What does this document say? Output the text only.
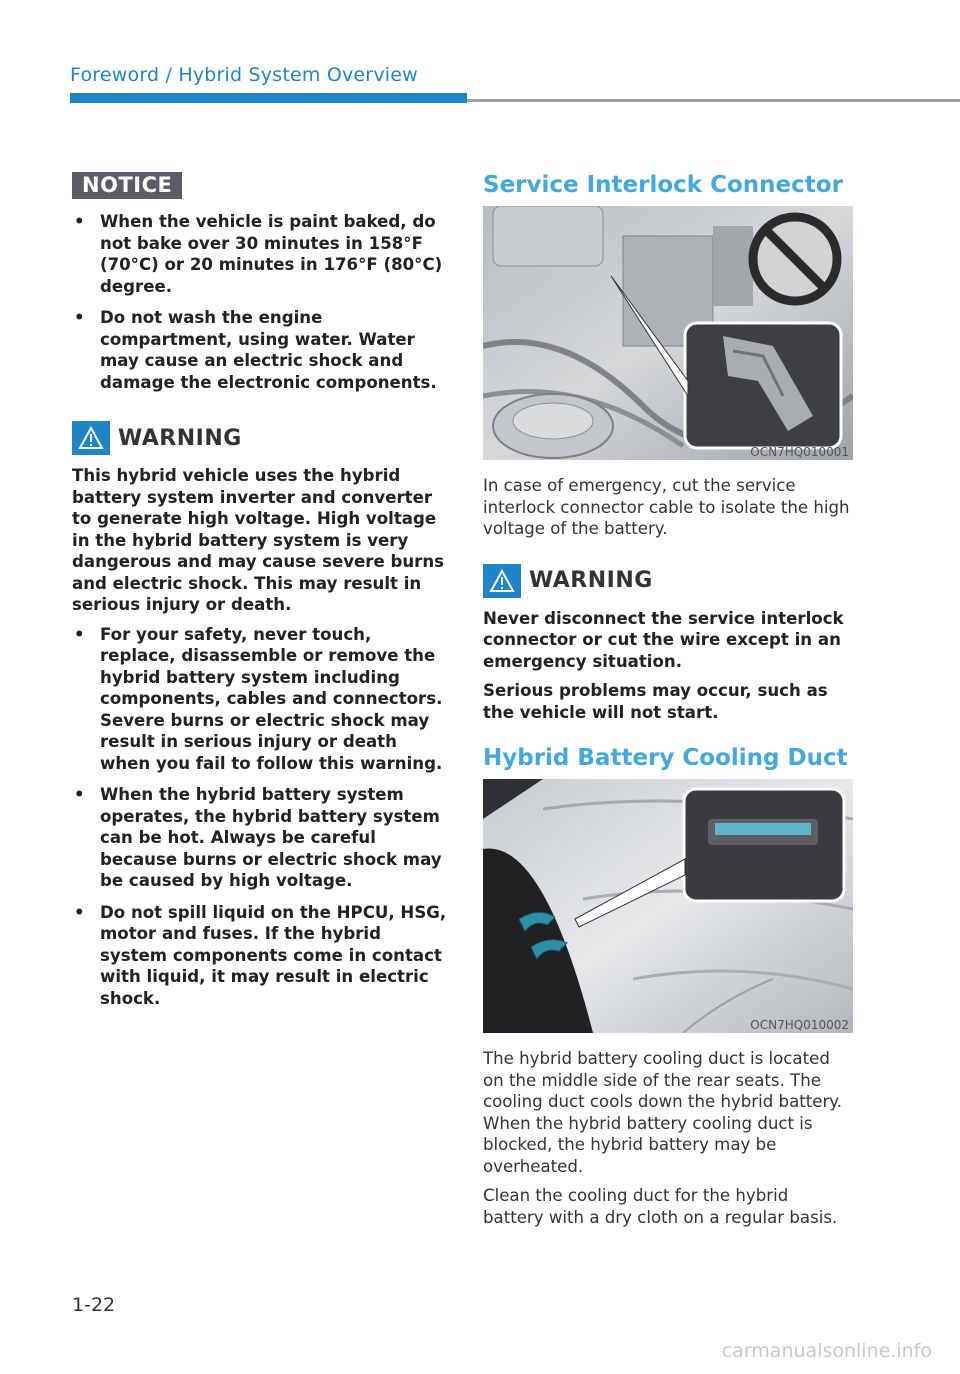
Foreword / Hybrid System Overview
NOTICE
• When the vehicle is paint baked, do not bake over 30 minutes in 158°F (70°C) or 20 minutes in 176°F (80°C) degree.
• Do not wash the engine compartment, using water. Water may cause an electric shock and damage the electronic components.
WARNING

This hybrid vehicle uses the hybrid battery system inverter and converter to generate high voltage. High voltage in the hybrid battery system is very dangerous and may cause severe burns and electric shock. This may result in serious injury or death.

• For your safety, never touch, replace, disassemble or remove the hybrid battery system including components, cables and connectors. Severe burns or electric shock may result in serious injury or death when you fail to follow this warning.
• When the hybrid battery system operates, the hybrid battery system can be hot. Always be careful because burns or electric shock may be caused by high voltage.
• Do not spill liquid on the HPCU, HSG, motor and fuses. If the hybrid system components come in contact with liquid, it may result in electric shock.
Service Interlock Connector
OCN7HQ010001

In case of emergency, cut the service interlock connector cable to isolate the high voltage of the battery.

WARNING

Never disconnect the service interlock connector or cut the wire except in an emergency situation.

Serious problems may occur, such as the vehicle will not start.

Hybrid Battery Cooling Duct
OCN7HQ010002

The hybrid battery cooling duct is located on the middle side of the rear seats. The cooling duct cools down the hybrid battery. When the hybrid battery cooling duct is blocked, the hybrid battery may be overheated.

Clean the cooling duct for the hybrid battery with a dry cloth on a regular basis.

1-22
carmanualsonline.info
